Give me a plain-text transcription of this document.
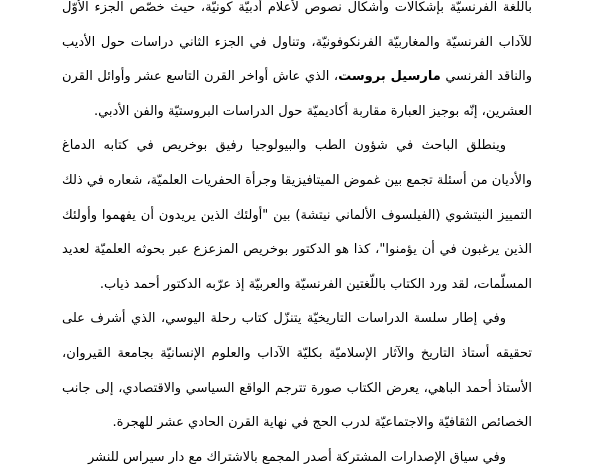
باللّغة الفرنسيّة بإشكالات وأشكال نصوص لأعلام أدبيّة كونيّة، حيث خصّص الجزء الأوّل للآداب الفرنسيّة والمغاربيّة الفرنكوفونيّة، وتناول في الجزء الثاني دراسات حول الأديب والناقد الفرنسي مارسيل بروست، الذي عاش أواخر القرن التاسع عشر وأوائل القرن العشرين، إنّه بوجيز العبارة مقاربة أكاديميّة حول الدراسات البروستيّة والفن الأدبي.

وينطلق الباحث في شؤون الطب والبيولوجيا رفيق بوخريص في كتابه الدماغ والأديان من أسئلة تجمع بين غموض الميتافيزيقا وجرأة الحفريات العلميّة، شعاره في ذلك التمييز النيتشوي (الفيلسوف الألماني نيتشة) بين "أولئك الذين يريدون أن يفهموا وأولئك الذين يرغبون في أن يؤمنوا"، كذا هو الدكتور بوخريص المزعزع عبر بحوثه العلميّة لعديد المسلّمات، لقد ورد الكتاب باللّغتين الفرنسيّة والعربيّة إذ عرّبه الدكتور أحمد ذياب.

وفي إطار سلسة الدراسات التاريخيّة يتنزّل كتاب رحلة اليوسي، الذي أشرف على تحقيقه أستاذ التاريخ والآثار الإسلاميّة بكليّة الآداب والعلوم الإنسانيّة بجامعة القيروان، الأستاذ أحمد الباهي، يعرض الكتاب صورة تترجم الواقع السياسي والاقتصادي، إلى جانب الخصائص الثقافيّة والاجتماعيّة لدرب الحج في نهاية القرن الحادي عشر للهجرة.

وفي سياق الإصدارات المشتركة أصدر المجمع بالاشتراك مع دار سيراس للنشر
